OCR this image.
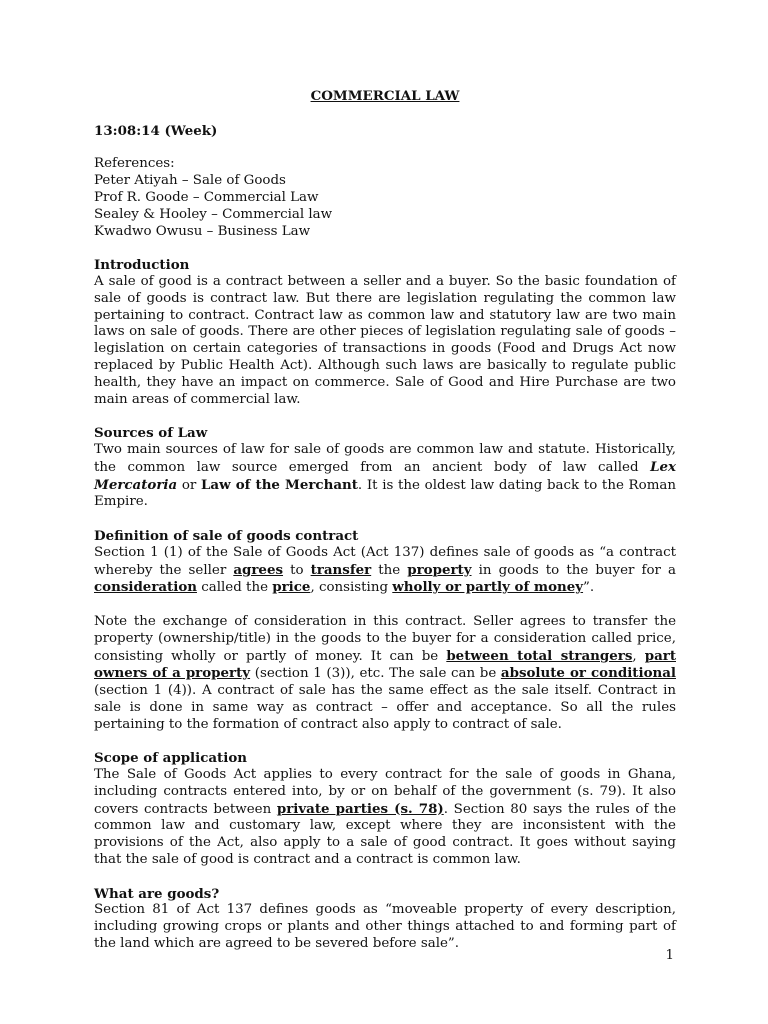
COMMERCIAL LAW

13:08:14 (Week)

References:

Peter Atiyah – Sale of Goods

Prof R. Goode – Commercial Law

Sealey & Hooley – Commercial law

Kwadwo Owusu – Business Law

Introduction

A sale of good is a contract between a seller and a buyer. So the basic foundation of sale of goods is contract law. But there are legislation regulating the common law pertaining to contract. Contract law as common law and statutory law are two main laws on sale of goods. There are other pieces of legislation regulating sale of goods – legislation on certain categories of transactions in goods (Food and Drugs Act now replaced by Public Health Act). Although such laws are basically to regulate public health, they have an impact on commerce. Sale of Good and Hire Purchase are two main areas of commercial law.

Sources of Law

Two main sources of law for sale of goods are common law and statute. Historically, the common law source emerged from an ancient body of law called Lex Mercatoria or Law of the Merchant. It is the oldest law dating back to the Roman Empire.

Definition of sale of goods contract

Section 1 (1) of the Sale of Goods Act (Act 137) defines sale of goods as “a contract whereby the seller agrees to transfer the property in goods to the buyer for a consideration called the price, consisting wholly or partly of money”.

Note the exchange of consideration in this contract. Seller agrees to transfer the property (ownership/title) in the goods to the buyer for a consideration called price, consisting wholly or partly of money. It can be between total strangers, part owners of a property (section 1 (3)), etc. The sale can be absolute or conditional (section 1 (4)). A contract of sale has the same effect as the sale itself. Contract in sale is done in same way as contract – offer and acceptance. So all the rules pertaining to the formation of contract also apply to contract of sale.

Scope of application

The Sale of Goods Act applies to every contract for the sale of goods in Ghana, including contracts entered into, by or on behalf of the government (s. 79). It also covers contracts between private parties (s. 78). Section 80 says the rules of the common law and customary law, except where they are inconsistent with the provisions of the Act, also apply to a sale of good contract. It goes without saying that the sale of good is contract and a contract is common law.

What are goods?

Section 81 of Act 137 defines goods as “moveable property of every description, including growing crops or plants and other things attached to and forming part of the land which are agreed to be severed before sale”.

1
